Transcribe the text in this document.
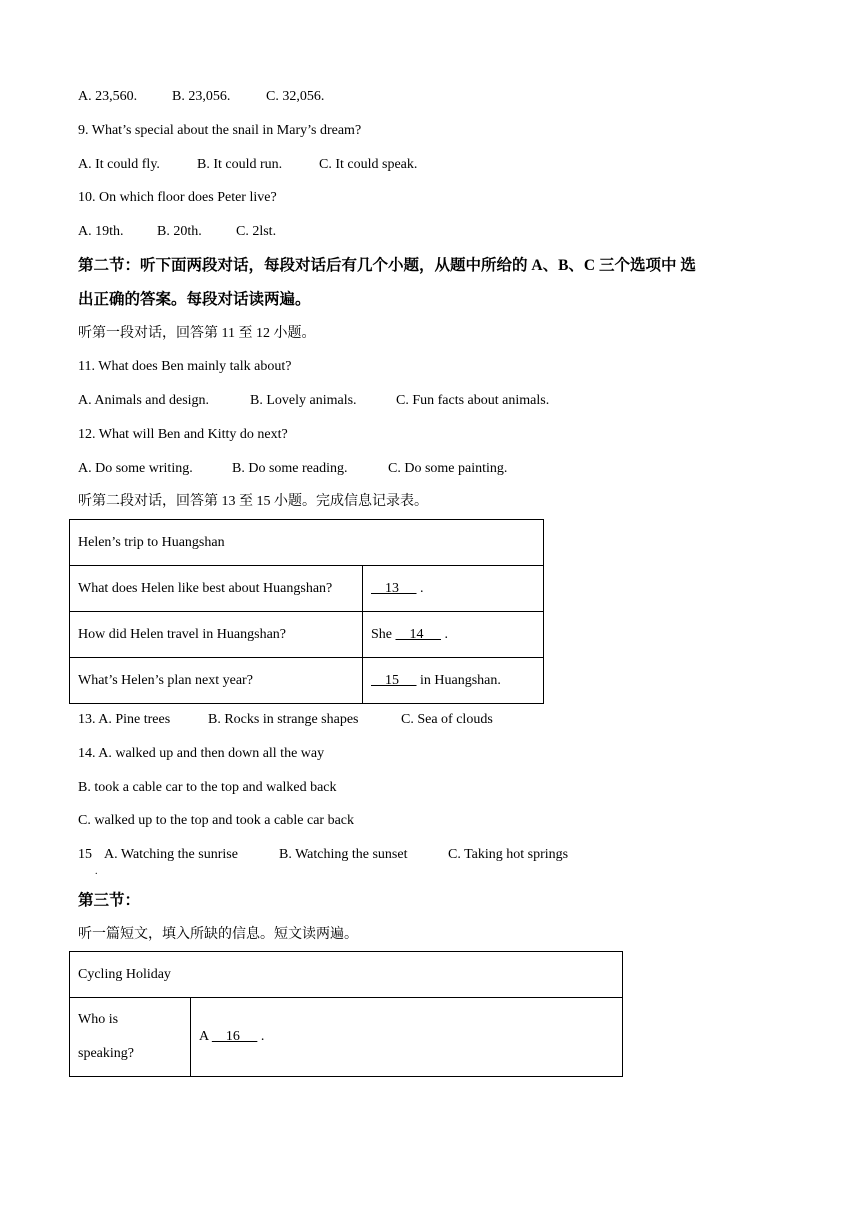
A. 23,560. B. 23,056.	C. 32,056.
9. What’s special about the snail in Mary’s dream?
A. It could fly.	B. It could run.	C. It could speak.
10. On which floor does Peter live?
A. 19th. B. 20th. C. 2lst.
第二节：听下面两段对话，每段对话后有几个小题，从题中所给的 A、B、C 三个选项中 选
出正确的答案。每段对话读两遍。
听第一段对话，回答第 11 至 12 小题。
11. What does Ben mainly talk about?
A. Animals and design.	B. Lovely animals.	C. Fun facts about animals.
12. What will Ben and Kitty do next?
A. Do some writing.	B. Do some reading.	C. Do some painting.
听第二段对话，回答第 13 至 15 小题。完成信息记录表。
Helen’s trip to Huangshan	
What does Helen like best about Huangshan?	13      .
How did Helen travel in Huangshan?	She     14      .
What’s Helen’s plan next year?	15      in Huangshan.
13. A. Pine trees	B. Rocks in strange shapes	C. Sea of clouds
14. A. walked up and then down all the way
B. took a cable car to the top and walked back
C. walked up to the top and took a cable car back
15 A. Watching the sunrise	B. Watching the sunset	C. Taking hot springs
.
第三节：
听一篇短文，填入所缺的信息。短文读两遍。
Cycling Holiday
Who is
speaking?	A     16      .
